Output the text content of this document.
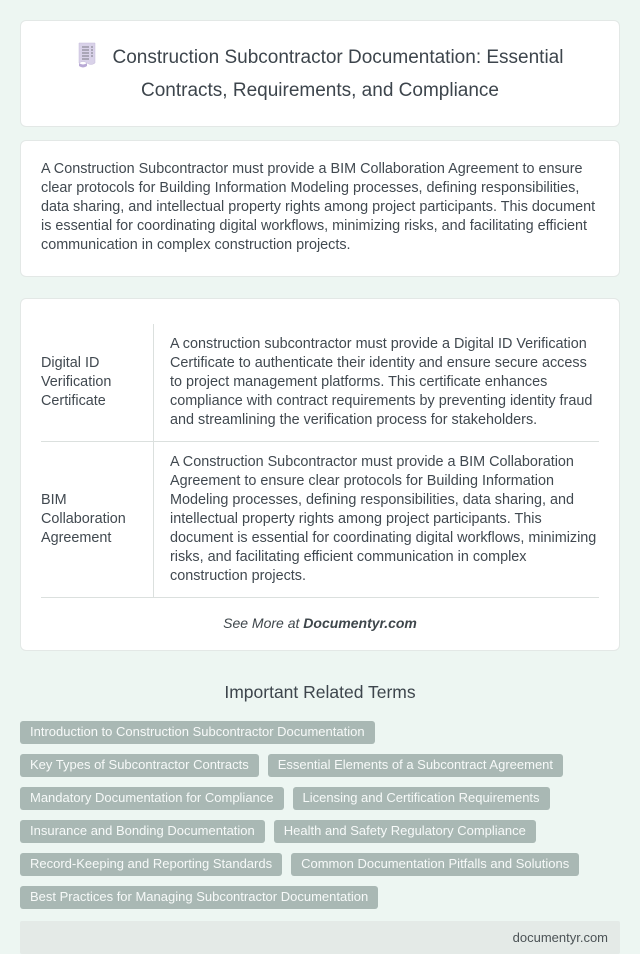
Construction Subcontractor Documentation: Essential Contracts, Requirements, and Compliance
A Construction Subcontractor must provide a BIM Collaboration Agreement to ensure clear protocols for Building Information Modeling processes, defining responsibilities, data sharing, and intellectual property rights among project participants. This document is essential for coordinating digital workflows, minimizing risks, and facilitating efficient communication in complex construction projects.
Digital ID Verification Certificate	A construction subcontractor must provide a Digital ID Verification Certificate to authenticate their identity and ensure secure access to project management platforms. This certificate enhances compliance with contract requirements by preventing identity fraud and streamlining the verification process for stakeholders.
BIM Collaboration Agreement	A Construction Subcontractor must provide a BIM Collaboration Agreement to ensure clear protocols for Building Information Modeling processes, defining responsibilities, data sharing, and intellectual property rights among project participants. This document is essential for coordinating digital workflows, minimizing risks, and facilitating efficient communication in complex construction projects.
See More at Documentyr.com
Important Related Terms
Introduction to Construction Subcontractor Documentation
Key Types of Subcontractor Contracts	Essential Elements of a Subcontract Agreement
Mandatory Documentation for Compliance	Licensing and Certification Requirements
Insurance and Bonding Documentation	Health and Safety Regulatory Compliance
Record-Keeping and Reporting Standards	Common Documentation Pitfalls and Solutions
Best Practices for Managing Subcontractor Documentation
documentyr.com
